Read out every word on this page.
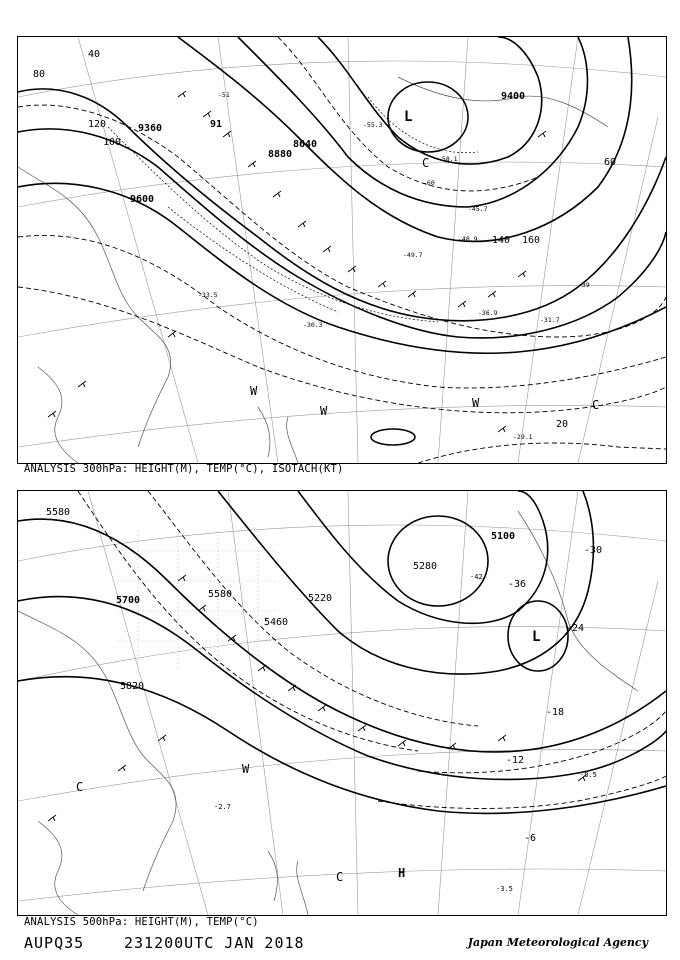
9360
9600
8880
8640
9400
91
40
80
100
120
140 160
60
20
-29.1
-30.3
-31.7
-33.5
-36.9
-39
-45.7
-48.9
-49.7
-51
-55.3
-58.1
-60
L
C
W
W
W	C
ANALYSIS 300hPa: HEIGHT(M), TEMP(°C), ISOTACH(KT)
5580
5700
5820
5460
5580	5220
5100
5280
-36
-30
-24
-18
-12
-6
-42
-3.5
-2.7
-8.5
L
C
C	H
W
ANALYSIS 500hPa: HEIGHT(M), TEMP(°C)
AUPQ35	231200UTC JAN 2018	Japan Meteorological Agency
